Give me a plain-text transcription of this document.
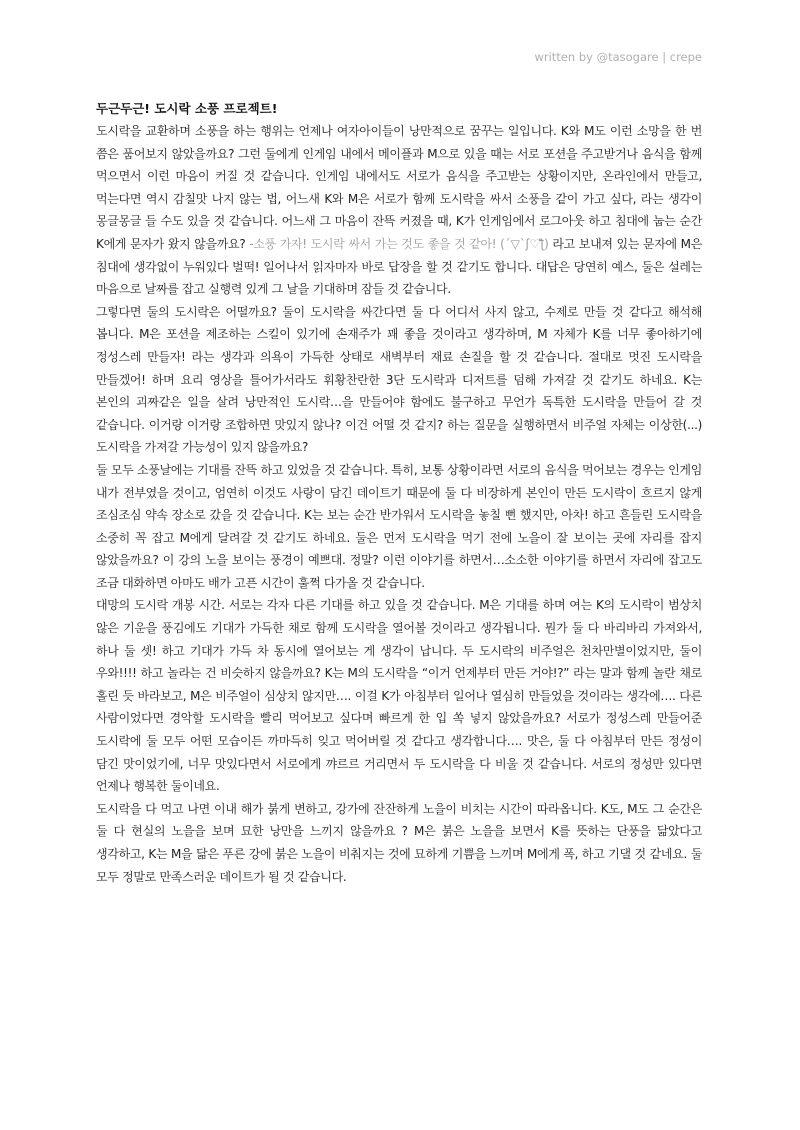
written by @tasogare | crepe

두근두근! 도시락 소풍 프로젝트!

도시락을 교환하며 소풍을 하는 행위는 언제나 여자아이들이 낭만적으로 꿈꾸는 일입니다. K와 M도 이런 소망을 한 번 쯤은 품어보지 않았을까요? 그런 둘에게 인게임 내에서 메이플과 M으로 있을 때는 서로 포션을 주고받거나 음식을 함께 먹으면서 이런 마음이 커질 것 같습니다. 인게임 내에서도 서로가 음식을 주고받는 상황이지만, 온라인에서 만들고, 먹는다면 역시 감칠맛 나지 않는 법, 어느새 K와 M은 서로가 함께 도시락을 싸서 소풍을 같이 가고 싶다, 라는 생각이 몽글몽글 들 수도 있을 것 같습니다. 어느새 그 마음이 잔뜩 커졌을 때, K가 인게임에서 로그아웃 하고 침대에 눕는 순간 K에게 문자가 왔지 않을까요? -소풍 가자! 도시락 싸서 가는 것도 좋을 것 같아! (´▽`ʃ♡ƪ) 라고 보내져 있는 문자에 M은 침대에 생각없이 누워있다 벌떡! 일어나서 읽자마자 바로 답장을 할 것 같기도 합니다. 대답은 당연히 예스, 둘은 설레는 마음으로 날짜를 잡고 실행력 있게 그 날을 기대하며 잠들 것 같습니다.

그렇다면 둘의 도시락은 어떨까요? 둘이 도시락을 싸간다면 둘 다 어디서 사지 않고, 수제로 만들 것 같다고 해석해 봅니다. M은 포션을 제조하는 스킬이 있기에 손재주가 꽤 좋을 것이라고 생각하며, M 자체가 K를 너무 좋아하기에 정성스레 만들자! 라는 생각과 의욕이 가득한 상태로 새벽부터 재료 손질을 할 것 같습니다. 절대로 멋진 도시락을 만들겠어! 하며 요리 영상을 틀어가서라도 휘황찬란한 3단 도시락과 디저트를 덤해 가져갈 것 같기도 하네요. K는 본인의 괴짜같은 일을 살려 낭만적인 도시락…을 만들어야 함에도 불구하고 무언가 독특한 도시락을 만들어 갈 것 같습니다. 이거랑 이거랑 조합하면 맛있지 않나? 이건 어떨 것 같지? 하는 질문을 실행하면서 비주얼 자체는 이상한(...) 도시락을 가져갈 가능성이 있지 않을까요?

둘 모두 소풍날에는 기대를 잔뜩 하고 있었을 것 같습니다. 특히, 보통 상황이라면 서로의 음식을 먹어보는 경우는 인게임 내가 전부였을 것이고, 엄연히 이것도 사랑이 담긴 데이트기 때문에 둘 다 비장하게 본인이 만든 도시락이 흐르지 않게 조심조심 약속 장소로 갔을 것 같습니다. K는 보는 순간 반가워서 도시락을 놓칠 뻔 했지만, 아차! 하고 흔들린 도시락을 소중히 꼭 잡고 M에게 달려갈 것 같기도 하네요. 둘은 먼저 도시락을 먹기 전에 노을이 잘 보이는 곳에 자리를 잡지 않았을까요? 이 강의 노을 보이는 풍경이 예쁘대. 정말? 이런 이야기를 하면서…소소한 이야기를 하면서 자리에 잡고도 조금 대화하면 아마도 배가 고픈 시간이 훌쩍 다가올 것 같습니다.

대망의 도시락 개봉 시간. 서로는 각자 다른 기대를 하고 있을 것 같습니다. M은 기대를 하며 여는 K의 도시락이 범상치 않은 기운을 풍김에도 기대가 가득한 채로 함께 도시락을 열어볼 것이라고 생각됩니다. 뭔가 둘 다 바리바리 가져와서, 하나 둘 셋! 하고 기대가 가득 차 동시에 열어보는 게 생각이 납니다. 두 도시락의 비주얼은 천차만별이었지만, 둘이 우와!!!! 하고 놀라는 건 비슷하지 않을까요? K는 M의 도시락을 “이거 언제부터 만든 거야!?” 라는 말과 함께 놀란 채로 홀린 듯 바라보고, M은 비주얼이 심상치 않지만…. 이걸 K가 아침부터 일어나 열심히 만들었을 것이라는 생각에…. 다른 사람이었다면 경악할 도시락을 빨리 먹어보고 싶다며 빠르게 한 입 쏙 넣지 않았을까요? 서로가 정성스레 만들어준 도시락에 둘 모두 어떤 모습이든 까마득히 잊고 먹어버릴 것 같다고 생각합니다…. 맛은, 둘 다 아침부터 만든 정성이 담긴 맛이었기에, 너무 맛있다면서 서로에게 꺄르르 거리면서 두 도시락을 다 비울 것 같습니다. 서로의 정성만 있다면 언제나 행복한 둘이네요.

도시락을 다 먹고 나면 이내 해가 붉게 변하고, 강가에 잔잔하게 노을이 비치는 시간이 따라옵니다. K도, M도 그 순간은 둘 다 현실의 노을을 보며 묘한 낭만을 느끼지 않을까요 ? M은 붉은 노을을 보면서 K를 뜻하는 단풍을 닮았다고 생각하고, K는 M을 닮은 푸른 강에 붉은 노을이 비춰지는 것에 묘하게 기쁨을 느끼며 M에게 폭, 하고 기댈 것 같네요. 둘 모두 정말로 만족스러운 데이트가 될 것 같습니다.
